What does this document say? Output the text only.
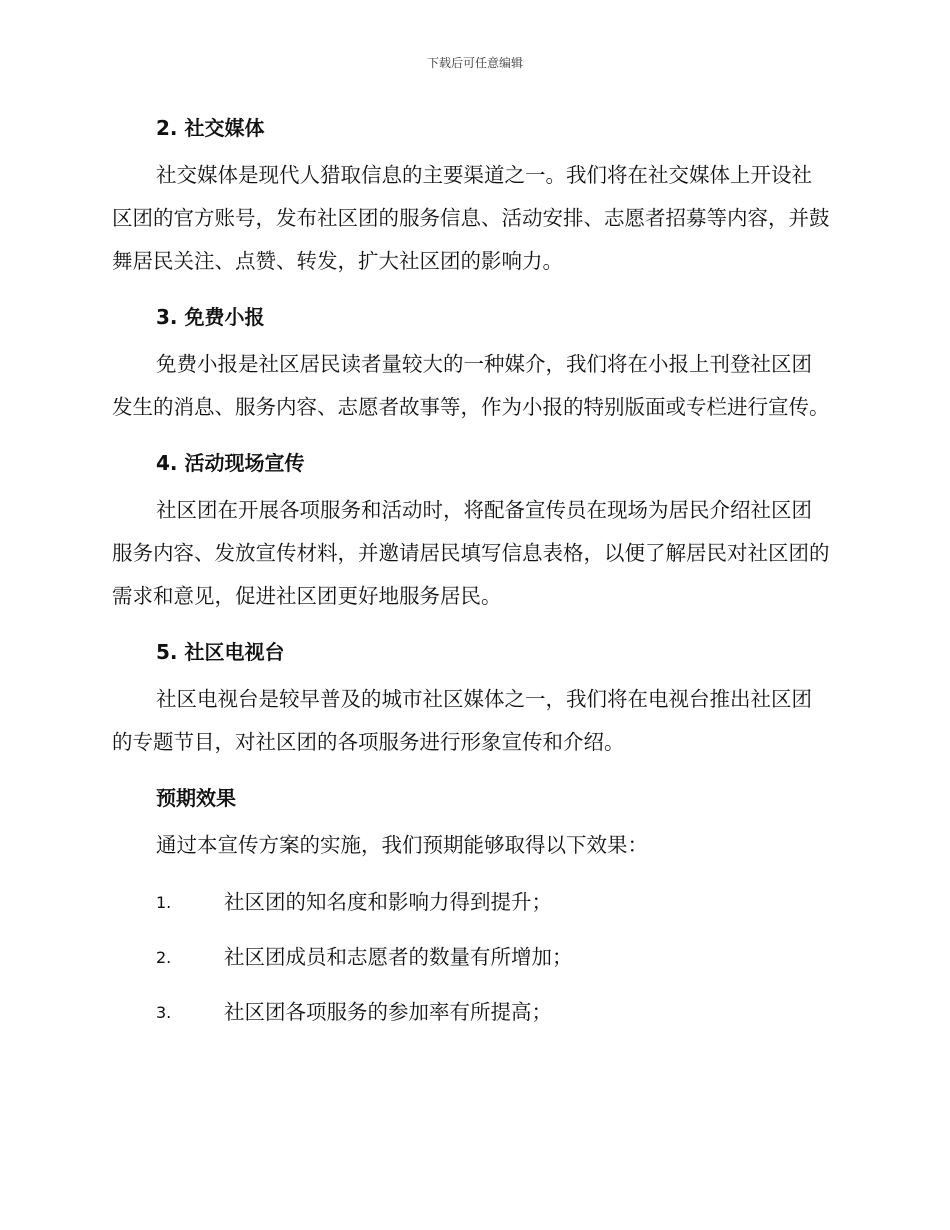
下载后可任意编辑
2. 社交媒体

社交媒体是现代人猎取信息的主要渠道之一。我们将在社交媒体上开设社区团的官方账号，发布社区团的服务信息、活动安排、志愿者招募等内容，并鼓舞居民关注、点赞、转发，扩大社区团的影响力。

3. 免费小报

免费小报是社区居民读者量较大的一种媒介，我们将在小报上刊登社区团发生的消息、服务内容、志愿者故事等，作为小报的特别版面或专栏进行宣传。

4. 活动现场宣传

社区团在开展各项服务和活动时，将配备宣传员在现场为居民介绍社区团服务内容、发放宣传材料，并邀请居民填写信息表格，以便了解居民对社区团的需求和意见，促进社区团更好地服务居民。

5. 社区电视台

社区电视台是较早普及的城市社区媒体之一，我们将在电视台推出社区团的专题节目，对社区团的各项服务进行形象宣传和介绍。

预期效果

通过本宣传方案的实施，我们预期能够取得以下效果：

1.	社区团的知名度和影响力得到提升；
2.	社区团成员和志愿者的数量有所增加；
3.	社区团各项服务的参加率有所提高；
